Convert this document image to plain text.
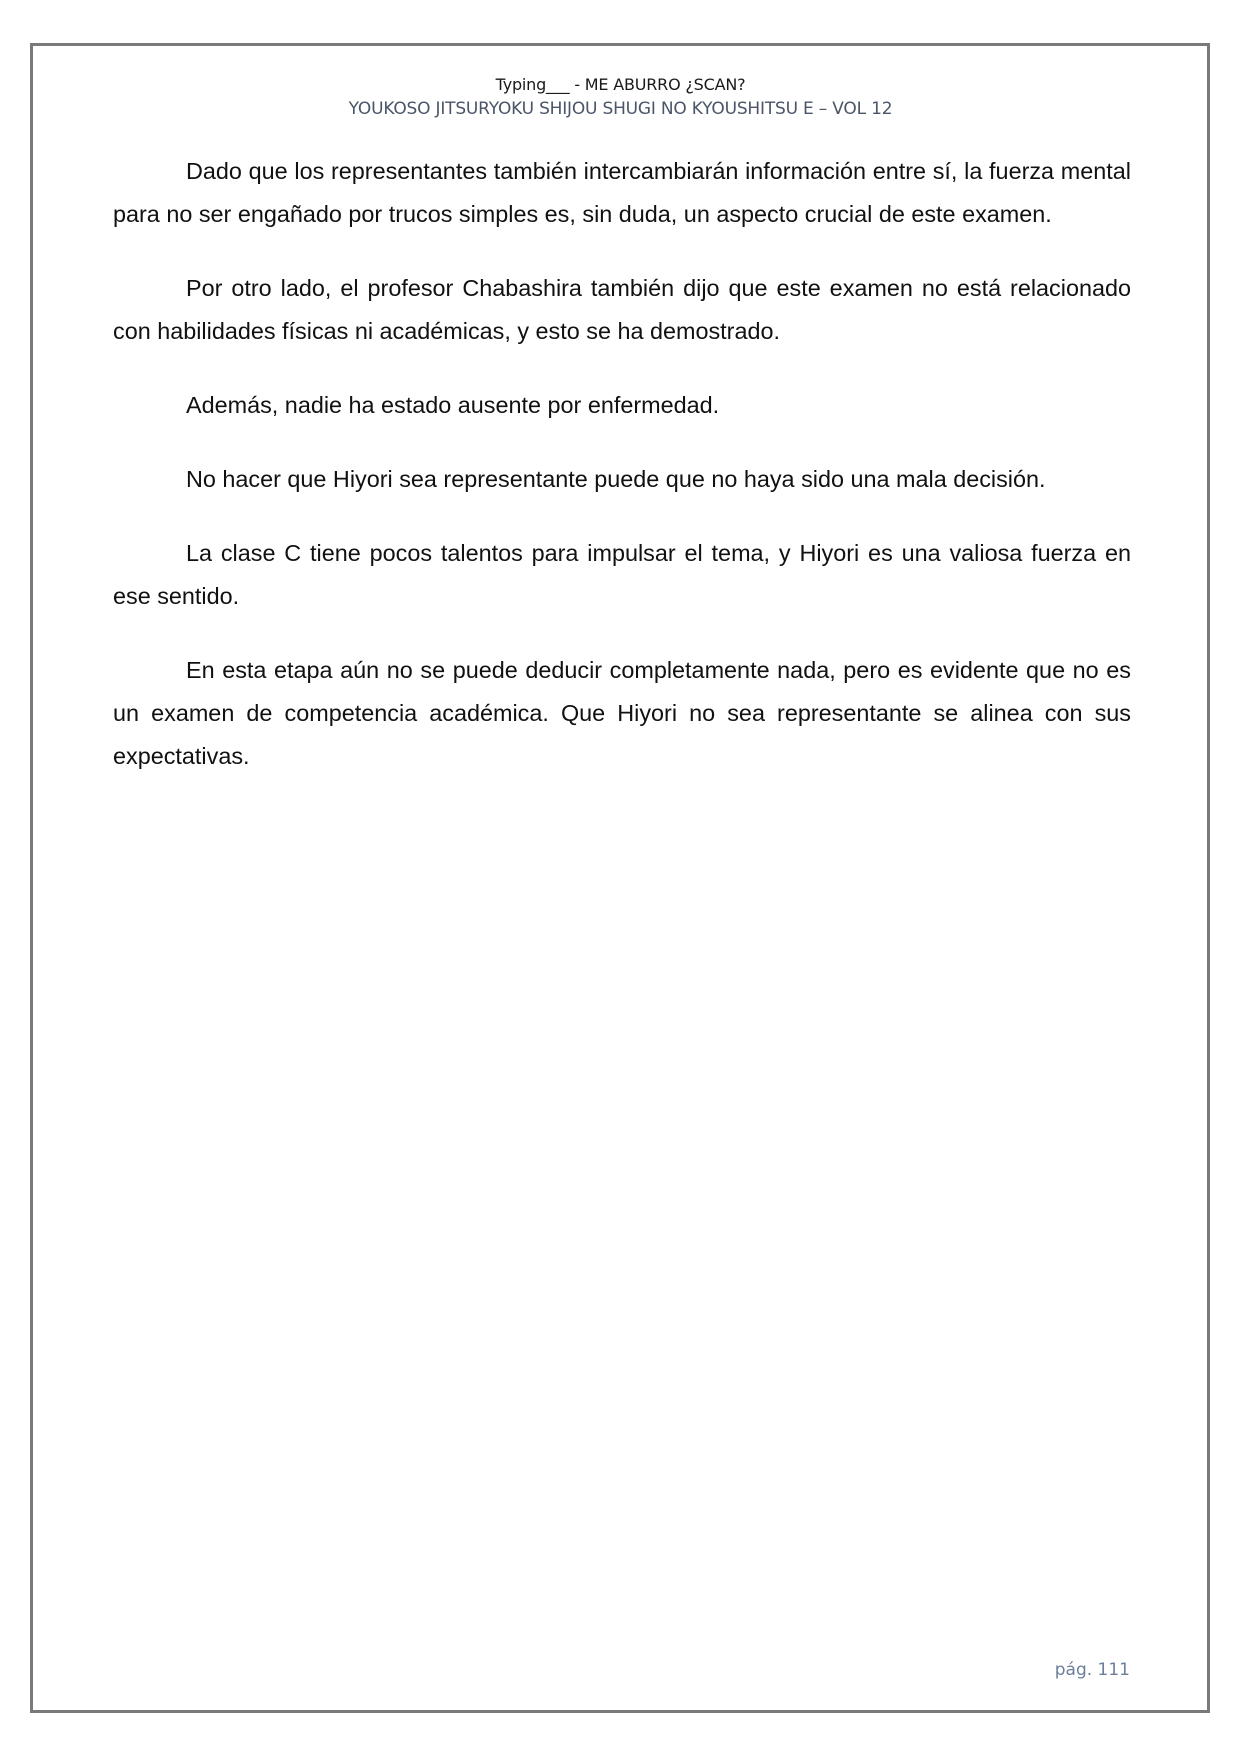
Typing___ - ME ABURRO ¿SCAN?
YOUKOSO JITSURYOKU SHIJOU SHUGI NO KYOUSHITSU E – VOL 12

Dado que los representantes también intercambiarán información entre sí, la fuerza mental para no ser engañado por trucos simples es, sin duda, un aspecto crucial de este examen.

Por otro lado, el profesor Chabashira también dijo que este examen no está relacionado con habilidades físicas ni académicas, y esto se ha demostrado.

Además, nadie ha estado ausente por enfermedad.

No hacer que Hiyori sea representante puede que no haya sido una mala decisión.

La clase C tiene pocos talentos para impulsar el tema, y Hiyori es una valiosa fuerza en ese sentido.

En esta etapa aún no se puede deducir completamente nada, pero es evidente que no es un examen de competencia académica. Que Hiyori no sea representante se alinea con sus expectativas.

pág. 111
